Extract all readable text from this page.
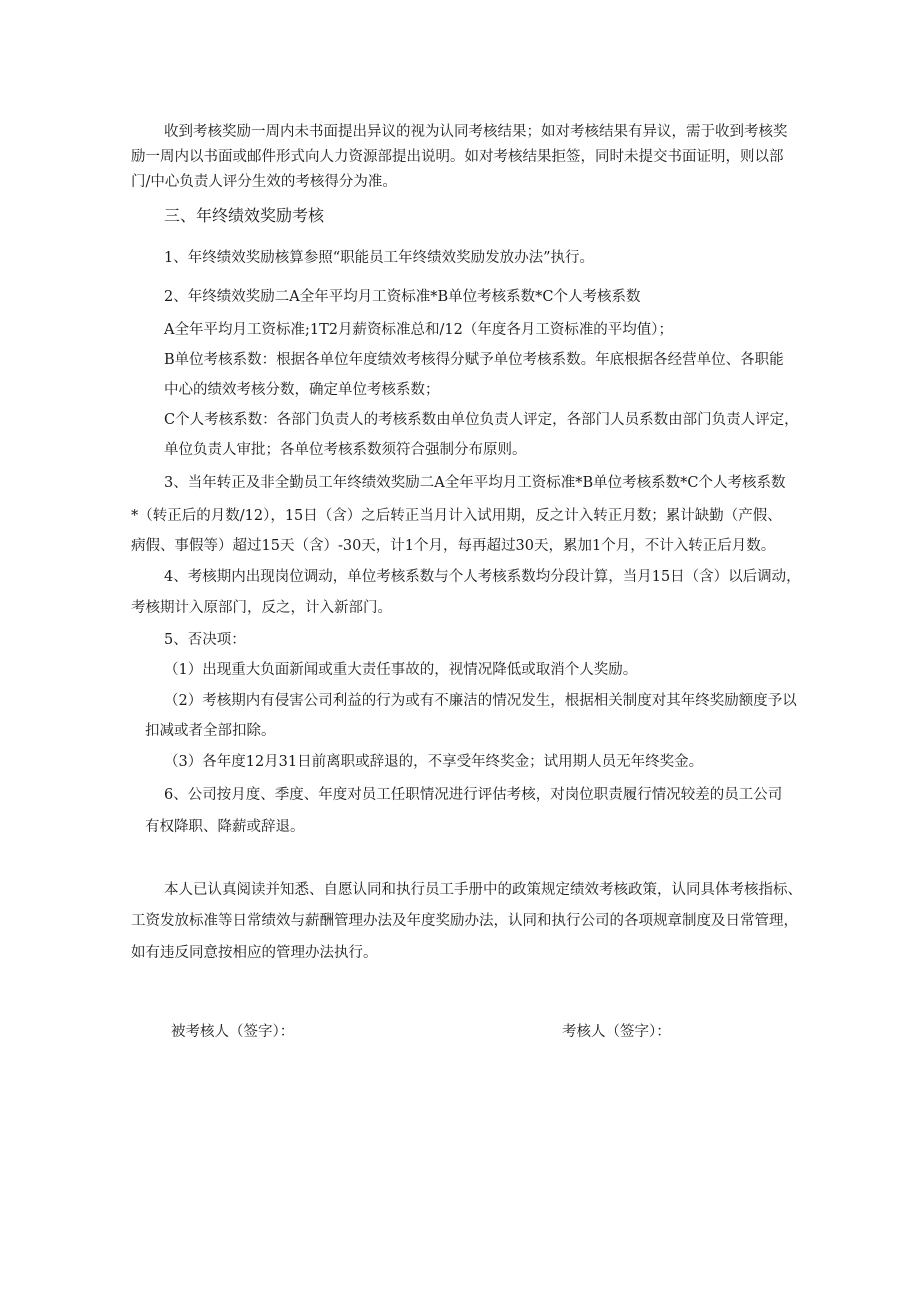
收到考核奖励一周内未书面提出异议的视为认同考核结果；如对考核结果有异议，需于收到考核奖
励一周内以书面或邮件形式向人力资源部提出说明。如对考核结果拒签，同时未提交书面证明，则以部
门/中心负责人评分生效的考核得分为准。
三、年终绩效奖励考核
1、年终绩效奖励核算参照“职能员工年终绩效奖励发放办法”执行。
2、年终绩效奖励二A全年平均月工资标准*B单位考核系数*C个人考核系数
A全年平均月工资标准;1T2月薪资标准总和/12（年度各月工资标准的平均值）；
B单位考核系数：根据各单位年度绩效考核得分赋予单位考核系数。年底根据各经营单位、各职能
中心的绩效考核分数，确定单位考核系数；
C个人考核系数：各部门负责人的考核系数由单位负责人评定，各部门人员系数由部门负责人评定，
单位负责人审批；各单位考核系数须符合强制分布原则。
3、当年转正及非全勤员工年终绩效奖励二A全年平均月工资标准*B单位考核系数*C个人考核系数
*（转正后的月数/12），15日（含）之后转正当月计入试用期，反之计入转正月数；累计缺勤（产假、
病假、事假等）超过15天（含）-30天，计1个月，每再超过30天，累加1个月，不计入转正后月数。
4、考核期内出现岗位调动，单位考核系数与个人考核系数均分段计算，当月15日（含）以后调动，
考核期计入原部门，反之，计入新部门。
5、否决项：
（1）出现重大负面新闻或重大责任事故的，视情况降低或取消个人奖励。
（2）考核期内有侵害公司利益的行为或有不廉洁的情况发生，根据相关制度对其年终奖励额度予以
扣减或者全部扣除。
（3）各年度12月31日前离职或辞退的，不享受年终奖金；试用期人员无年终奖金。
6、公司按月度、季度、年度对员工任职情况进行评估考核，对岗位职责履行情况较差的员工公司
有权降职、降薪或辞退。
本人已认真阅读并知悉、自愿认同和执行员工手册中的政策规定绩效考核政策，认同具体考核指标、
工资发放标准等日常绩效与薪酬管理办法及年度奖励办法，认同和执行公司的各项规章制度及日常管理，
如有违反同意按相应的管理办法执行。
被考核人（签字）：	考核人（签字）：
